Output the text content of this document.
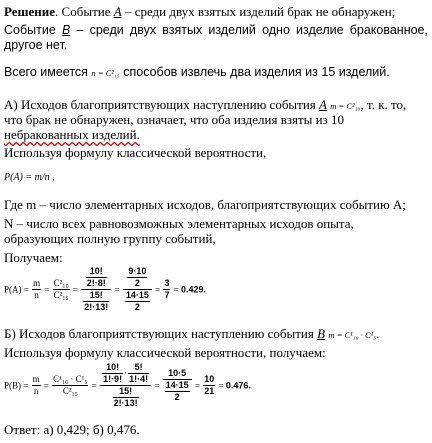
Решение. Событие A – среди двух взятых изделий брак не обнаружен;
Событие B – среди двух взятых изделий одно изделие бракованное, другое нет.
Всего имеется n = C²₁₅ способов извлечь два изделия из 15 изделий.
А) Исходов благоприятствующих наступлению события A m = C²₁₀, т. к. то,
что брак не обнаружен, означает, что оба изделия взяты из 10
небракованных изделий.
Используя формулу классической вероятности,
P(A) = m/n ,
Где m – число элементарных исходов, благоприятствующих событию A;
N – число всех равновозможных элементарных исходов опыта,
образующих полную группу событий,
Получаем:
$P(A) = \frac{m}{n} = \frac{\text{C²₁₀}}{\text{C²₁₅}} = \frac{\frac{10!}{2!\cdot 8!}}{\frac{15!}{2!\cdot 13!}} = \frac{\frac{9\cdot 10}{2}}{\frac{14\cdot 15}{2}} = \frac{3}{7} = 0.429$.
Б) Исходов благоприятствующих наступлению события B m = C¹₁₀ · C¹₅.
Используя формулу классической вероятности, получаем:
$P(B) = \frac{m}{n} = \frac{\text{C¹₁₀ · C¹₅}}{\text{C²₁₅}} = \frac{\frac{10!}{1!\cdot 9!} \cdot \frac{5!}{1!\cdot 4!}}{\frac{15!}{2!\cdot 13!}} = \frac{10\cdot 5}{\frac{14\cdot 15}{2}} = \frac{10}{21} = 0.476$.
Ответ: а) 0,429; б) 0,476.
